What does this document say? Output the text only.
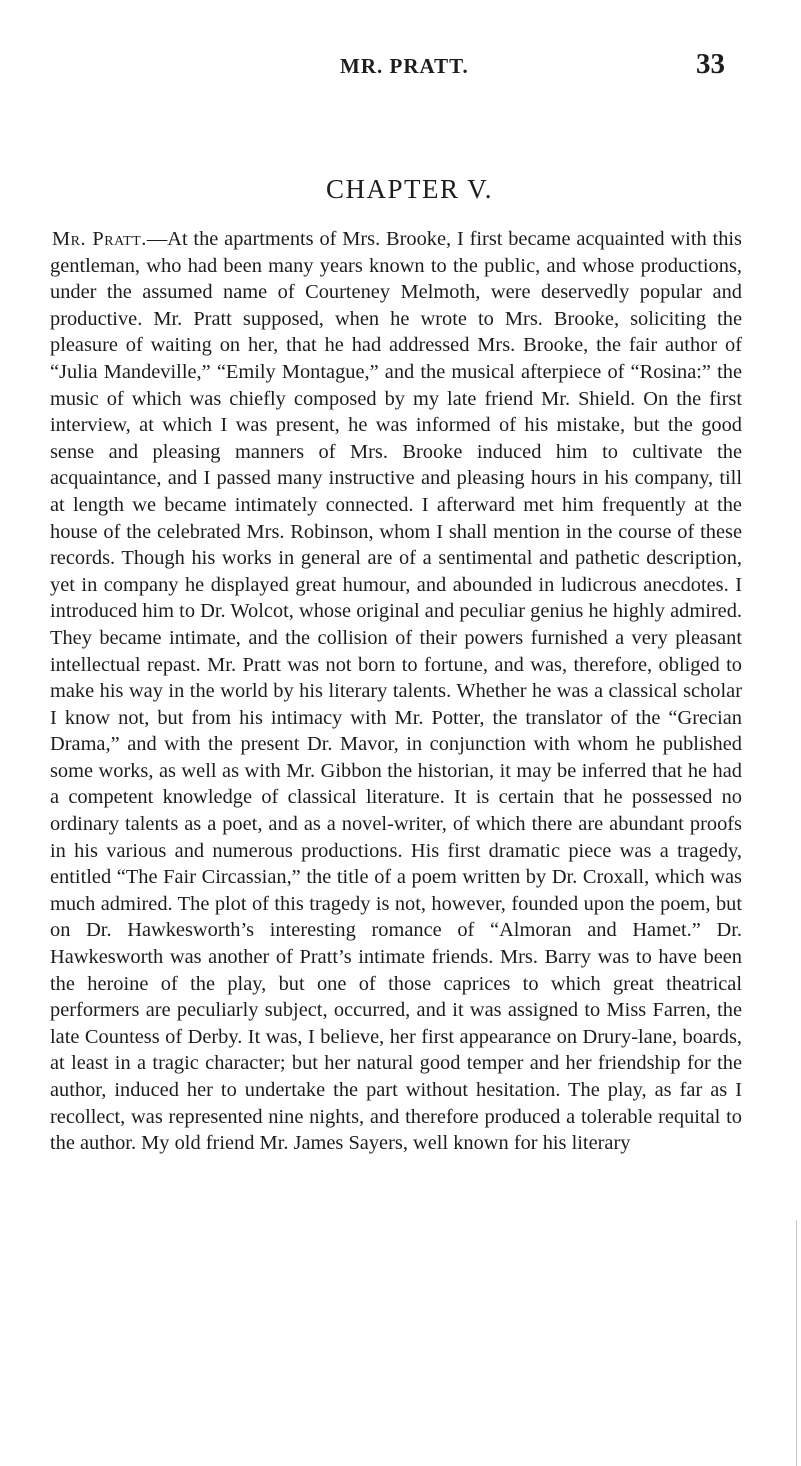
MR. PRATT.	33
CHAPTER V.

Mr. Pratt.—At the apartments of Mrs. Brooke, I first became acquainted with this gentleman, who had been many years known to the public, and whose productions, under the assumed name of Courteney Melmoth, were deservedly popular and productive. Mr. Pratt supposed, when he wrote to Mrs. Brooke, soliciting the pleasure of waiting on her, that he had addressed Mrs. Brooke, the fair author of “Julia Mandeville,” “Emily Montague,” and the musical afterpiece of “Rosina:” the music of which was chiefly composed by my late friend Mr. Shield. On the first interview, at which I was present, he was informed of his mistake, but the good sense and pleasing manners of Mrs. Brooke induced him to cultivate the acquaintance, and I passed many instructive and pleasing hours in his company, till at length we became intimately connected. I afterward met him frequently at the house of the celebrated Mrs. Robinson, whom I shall mention in the course of these records. Though his works in general are of a sentimental and pathetic description, yet in company he displayed great humour, and abounded in ludicrous anecdotes. I introduced him to Dr. Wolcot, whose original and peculiar genius he highly admired. They became intimate, and the collision of their powers furnished a very pleasant intellectual repast. Mr. Pratt was not born to fortune, and was, therefore, obliged to make his way in the world by his literary talents. Whether he was a classical scholar I know not, but from his intimacy with Mr. Potter, the translator of the “Grecian Drama,” and with the present Dr. Mavor, in conjunction with whom he published some works, as well as with Mr. Gibbon the historian, it may be inferred that he had a competent knowledge of classical literature. It is certain that he possessed no ordinary talents as a poet, and as a novel-writer, of which there are abundant proofs in his various and numerous productions. His first dramatic piece was a tragedy, entitled “The Fair Circassian,” the title of a poem written by Dr. Croxall, which was much admired. The plot of this tragedy is not, however, founded upon the poem, but on Dr. Hawkesworth’s interesting romance of “Almoran and Hamet.” Dr. Hawkesworth was another of Pratt’s intimate friends. Mrs. Barry was to have been the heroine of the play, but one of those caprices to which great theatrical performers are peculiarly subject, occurred, and it was assigned to Miss Farren, the late Countess of Derby. It was, I believe, her first appearance on Drury-lane, boards, at least in a tragic character; but her natural good temper and her friendship for the author, induced her to undertake the part without hesitation. The play, as far as I recollect, was represented nine nights, and therefore produced a tolerable requital to the author. My old friend Mr. James Sayers, well known for his literary
